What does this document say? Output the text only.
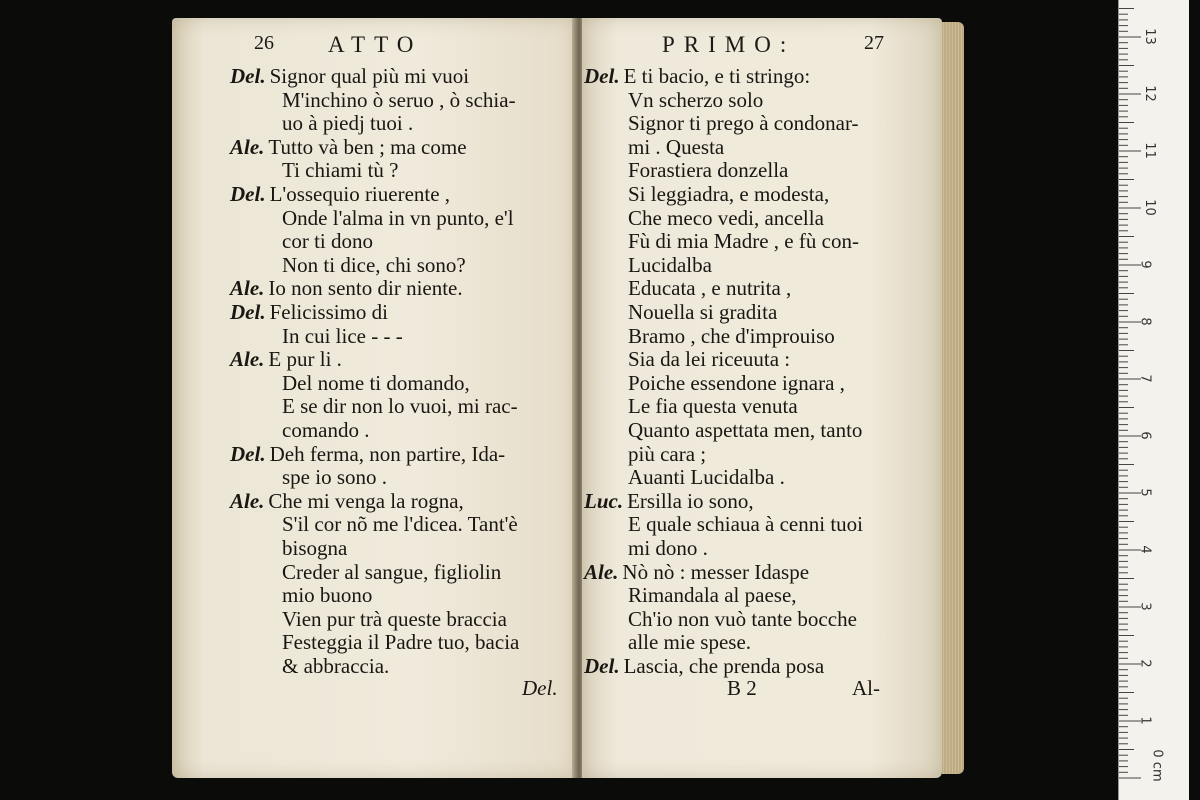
26 ATTO	PRIMO:	27
Del. Signor qual più mi vuoi
M'inchino ò seruo , ò schia-
uo à piedj tuoi .
Ale. Tutto và ben ; ma come
Ti chiami tù ?
Del. L'ossequio riuerente ,
Onde l'alma in vn punto, e'l
cor ti dono
Non ti dice, chi sono?
Ale. Io non sento dir niente.
Del. Felicissimo di
In cui lice - - -
Ale. E pur li .
Del nome ti domando,
E se dir non lo vuoi, mi rac-
comando .
Del. Deh ferma, non partire, Ida-
spe io sono .
Ale. Che mi venga la rogna,
S'il cor nõ me l'dicea. Tant'è
bisogna
Creder al sangue, figliolin
mio buono
Vien pur trà queste braccia
Festeggia il Padre tuo, bacia
& abbraccia.
Del. E ti bacio, e ti stringo:
Vn scherzo solo
Signor ti prego à condonar-
mi . Questa
Forastiera donzella
Si leggiadra, e modesta,
Che meco vedi, ancella
Fù di mia Madre , e fù con-
Lucidalba
Educata , e nutrita ,
Nouella si gradita
Bramo , che d'improuiso
Sia da lei riceuuta :
Poiche essendone ignara ,
Le fia questa venuta
Quanto aspettata men, tanto
più cara ;
Auanti Lucidalba .
Luc. Ersilla io sono,
E quale schiaua à cenni tuoi
mi dono .
Ale. Nò nò : messer Idaspe
Rimandala al paese,
Ch'io non vuò tante bocche
alle mie spese.
Del. Lascia, che prenda posa
Del.	B 2	Al-
0 cm
1
2
3
4
5
6
7
8
9
10
11
12
13
